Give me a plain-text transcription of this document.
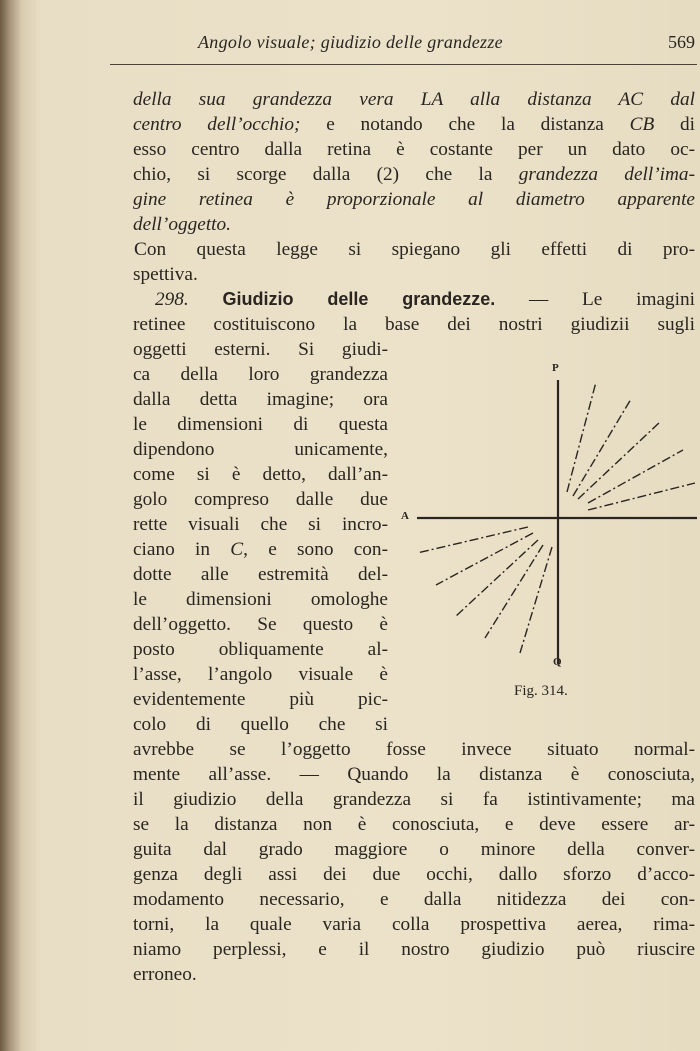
Angolo visuale; giudizio delle grandezze	569
della sua grandezza vera LA alla distanza AC dal
centro dell’occhio; e notando che la distanza CB di
esso centro dalla retina è costante per un dato oc-
chio, si scorge dalla (2) che la grandezza dell’ima-
gine retinea è proporzionale al diametro apparente
dell’oggetto.
Con questa legge si spiegano gli effetti di pro-
spettiva.
298. Giudizio delle grandezze. — Le imagini
retinee costituiscono la base dei nostri giudizii sugli
oggetti esterni. Si giudi-
ca della loro grandezza
dalla detta imagine; ora
le dimensioni di questa
dipendono unicamente,
come si è detto, dall’an-
golo compreso dalle due
rette visuali che si incro-
ciano in C, e sono con-
dotte alle estremità del-
le dimensioni omologhe
dell’oggetto. Se questo è
posto obliquamente al-
l’asse, l’angolo visuale è
evidentemente più pic-
colo di quello che si
avrebbe se l’oggetto fosse invece situato normal-
mente all’asse. — Quando la distanza è conosciuta,
il giudizio della grandezza si fa istintivamente; ma
se la distanza non è conosciuta, e deve essere ar-
guita dal grado maggiore o minore della conver-
genza degli assi dei due occhi, dallo sforzo d’acco-
modamento necessario, e dalla nitidezza dei con-
torni, la quale varia colla prospettiva aerea, rima-
niamo perplessi, e il nostro giudizio può riuscire
erroneo.
P
Q
A
Fig. 314.
